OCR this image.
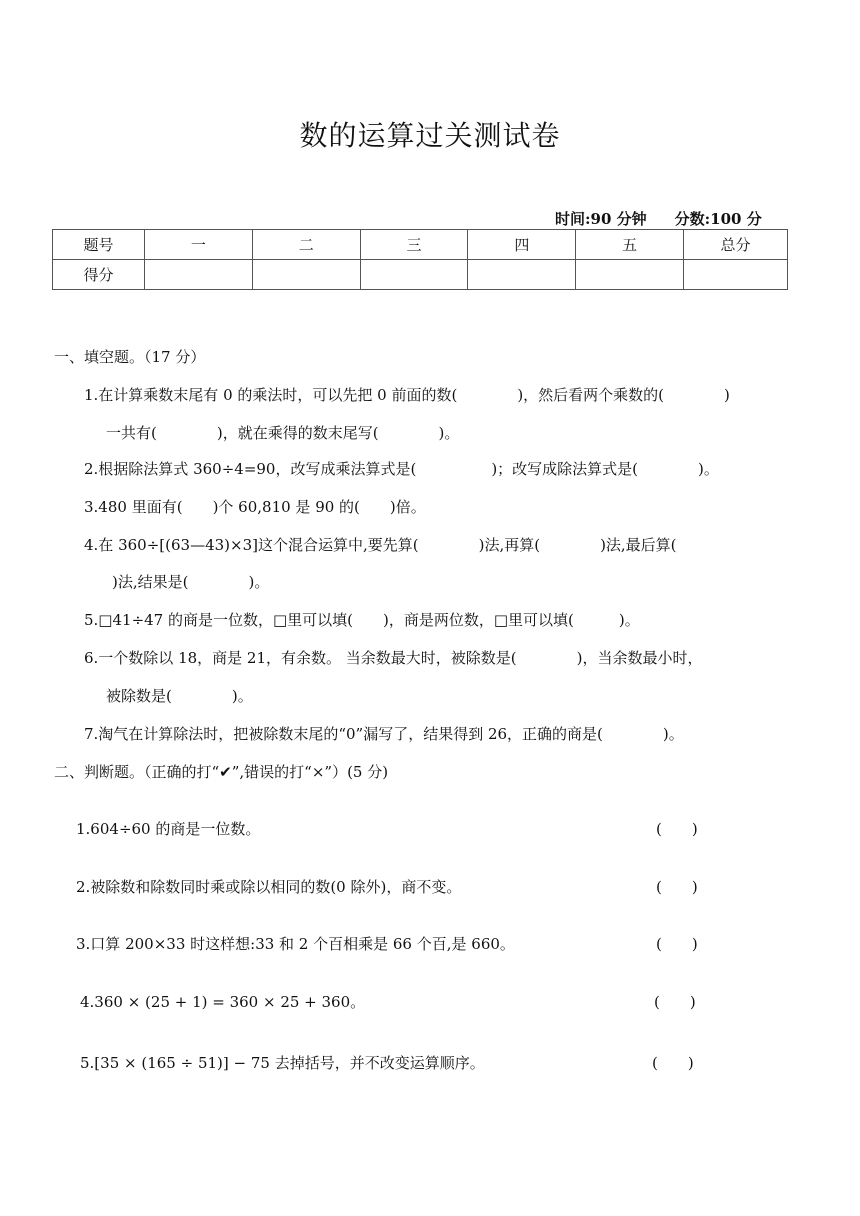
数的运算过关测试卷
时间:90 分钟 分数:100 分
题号	一	二	三	四	五	总分
得分						
一、填空题。（17 分）
1.在计算乘数末尾有 0 的乘法时，可以先把 0 前面的数(　　　　)，然后看两个乘数的(　　　　)
一共有(　　　　)，就在乘得的数末尾写(　　　　)。
2.根据除法算式 360÷4=90，改写成乘法算式是(　　　　　)；改写成除法算式是(　　　　)。
3.480 里面有(　　)个 60,810 是 90 的(　　)倍。
4.在 360÷[(63—43)×3]这个混合运算中,要先算(　　　　)法,再算(　　　　)法,最后算(
)法,结果是(　　　　)。
5.□41÷47 的商是一位数，□里可以填(　　)，商是两位数，□里可以填(　　　)。
6.一个数除以 18，商是 21，有余数。 当余数最大时，被除数是(　　　　)，当余数最小时，
被除数是(　　　　)。
7.淘气在计算除法时，把被除数末尾的“0”漏写了，结果得到 26，正确的商是(　　　　)。
二、判断题。（正确的打“✔”,错误的打“×”）(5 分)
1.604÷60 的商是一位数。	(　　)
2.被除数和除数同时乘或除以相同的数(0 除外)，商不变。	(　　)
3.口算 200×33 时这样想:33 和 2 个百相乘是 66 个百,是 660。	(　　)
4.360 × (25 + 1) = 360 × 25 + 360。	(　　)
5.[35 × (165 ÷ 51)] − 75 去掉括号，并不改变运算顺序。	(　　)
